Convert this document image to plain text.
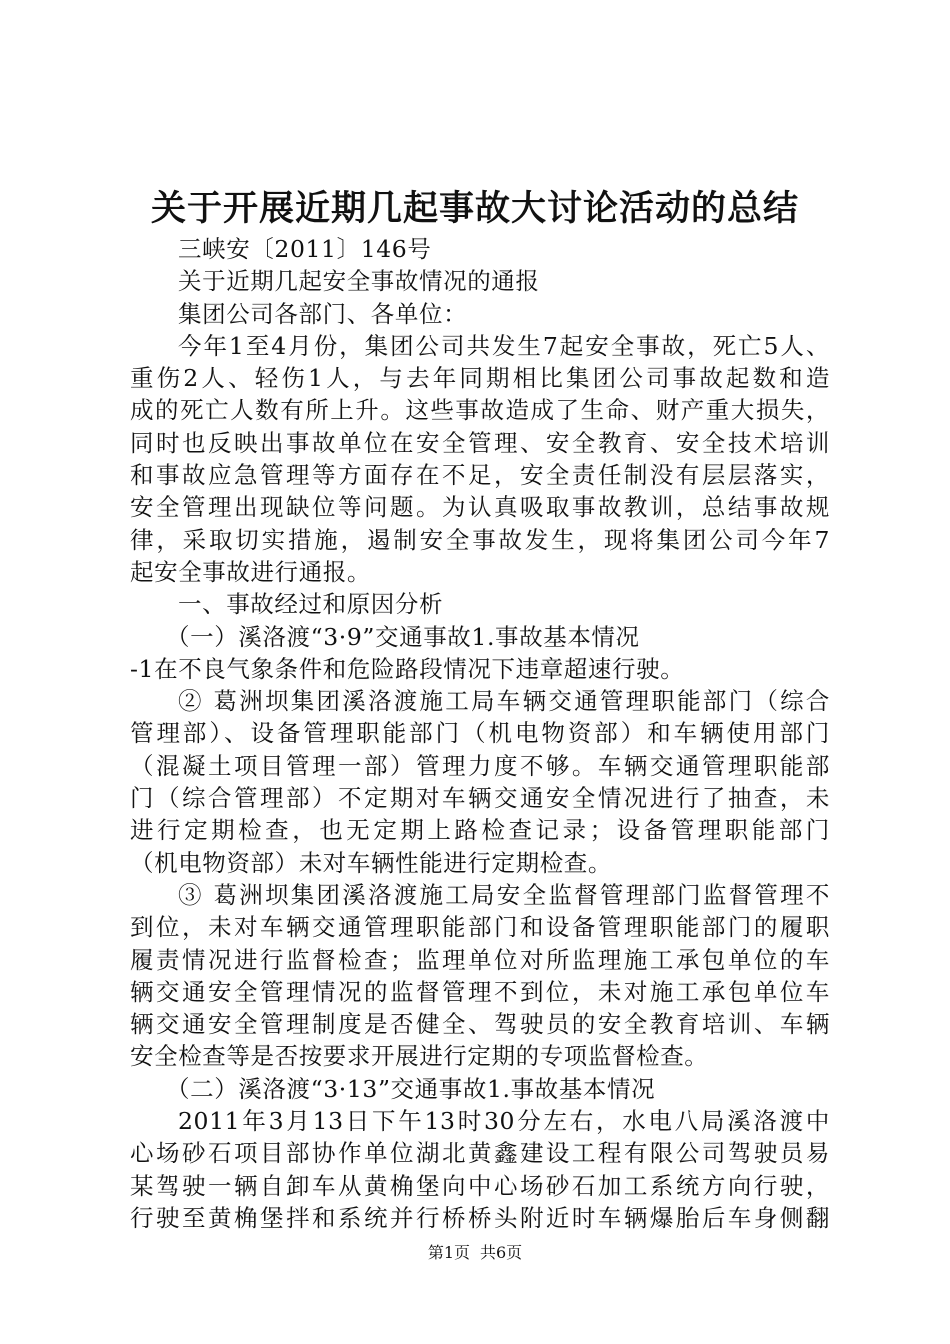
关于开展近期几起事故大讨论活动的总结
三峡安〔2011〕146号
关于近期几起安全事故情况的通报
集团公司各部门、各单位：
今年1至4月份，集团公司共发生7起安全事故，死亡5人、
重伤2人、轻伤1人，与去年同期相比集团公司事故起数和造
成的死亡人数有所上升。这些事故造成了生命、财产重大损失，
同时也反映出事故单位在安全管理、安全教育、安全技术培训
和事故应急管理等方面存在不足，安全责任制没有层层落实，
安全管理出现缺位等问题。为认真吸取事故教训，总结事故规
律，采取切实措施，遏制安全事故发生，现将集团公司今年7
起安全事故进行通报。
一、事故经过和原因分析
（一）溪洛渡“3·9”交通事故1.事故基本情况
-1在不良气象条件和危险路段情况下违章超速行驶。
② 葛洲坝集团溪洛渡施工局车辆交通管理职能部门（综合
管理部）、设备管理职能部门（机电物资部）和车辆使用部门
（混凝土项目管理一部）管理力度不够。车辆交通管理职能部
门（综合管理部）不定期对车辆交通安全情况进行了抽查，未
进行定期检查，也无定期上路检查记录；设备管理职能部门
（机电物资部）未对车辆性能进行定期检查。
③ 葛洲坝集团溪洛渡施工局安全监督管理部门监督管理不
到位，未对车辆交通管理职能部门和设备管理职能部门的履职
履责情况进行监督检查；监理单位对所监理施工承包单位的车
辆交通安全管理情况的监督管理不到位，未对施工承包单位车
辆交通安全管理制度是否健全、驾驶员的安全教育培训、车辆
安全检查等是否按要求开展进行定期的专项监督检查。
（二）溪洛渡“3·13”交通事故1.事故基本情况
2011年3月13日下午13时30分左右，水电八局溪洛渡中
心场砂石项目部协作单位湖北黄鑫建设工程有限公司驾驶员易
某驾驶一辆自卸车从黄桷堡向中心场砂石加工系统方向行驶，
行驶至黄桷堡拌和系统并行桥桥头附近时车辆爆胎后车身侧翻
第1页 共6页
